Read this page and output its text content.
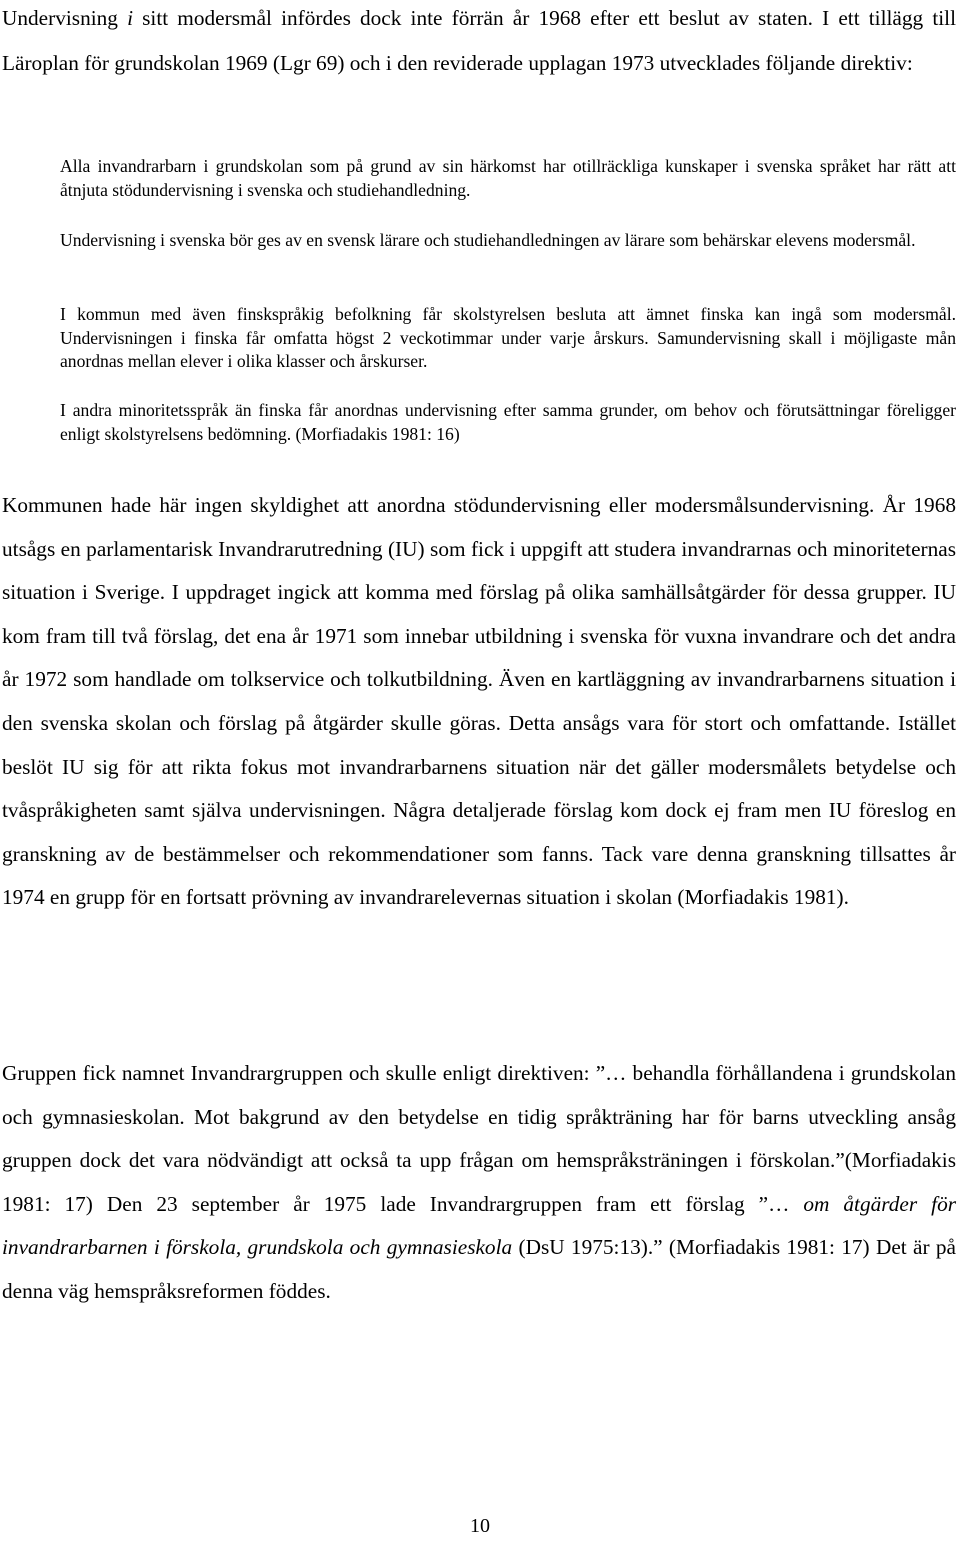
Undervisning i sitt modersmål infördes dock inte förrän år 1968 efter ett beslut av staten. I ett tillägg till Läroplan för grundskolan 1969 (Lgr 69) och i den reviderade upplagan 1973 utvecklades följande direktiv:

Alla invandrarbarn i grundskolan som på grund av sin härkomst har otillräckliga kunskaper i svenska språket har rätt att åtnjuta stödundervisning i svenska och studiehandledning.

Undervisning i svenska bör ges av en svensk lärare och studiehandledningen av lärare som behärskar elevens modersmål.

I kommun med även finskspråkig befolkning får skolstyrelsen besluta att ämnet finska kan ingå som modersmål. Undervisningen i finska får omfatta högst 2 veckotimmar under varje årskurs. Samundervisning skall i möjligaste mån anordnas mellan elever i olika klasser och årskurser.

I andra minoritetsspråk än finska får anordnas undervisning efter samma grunder, om behov och förutsättningar föreligger enligt skolstyrelsens bedömning. (Morfiadakis 1981: 16)

Kommunen hade här ingen skyldighet att anordna stödundervisning eller modersmålsundervisning. År 1968 utsågs en parlamentarisk Invandrarutredning (IU) som fick i uppgift att studera invandrarnas och minoriteternas situation i Sverige. I uppdraget ingick att komma med förslag på olika samhällsåtgärder för dessa grupper. IU kom fram till två förslag, det ena år 1971 som innebar utbildning i svenska för vuxna invandrare och det andra år 1972 som handlade om tolkservice och tolkutbildning. Även en kartläggning av invandrarbarnens situation i den svenska skolan och förslag på åtgärder skulle göras. Detta ansågs vara för stort och omfattande. Istället beslöt IU sig för att rikta fokus mot invandrarbarnens situation när det gäller modersmålets betydelse och tvåspråkigheten samt själva undervisningen. Några detaljerade förslag kom dock ej fram men IU föreslog en granskning av de bestämmelser och rekommendationer som fanns. Tack vare denna granskning tillsattes år 1974 en grupp för en fortsatt prövning av invandrarelevernas situation i skolan (Morfiadakis 1981).

Gruppen fick namnet Invandrargruppen och skulle enligt direktiven: ”… behandla förhållandena i grundskolan och gymnasieskolan. Mot bakgrund av den betydelse en tidig språkträning har för barns utveckling ansåg gruppen dock det vara nödvändigt att också ta upp frågan om hemspråksträningen i förskolan.”(Morfiadakis 1981: 17) Den 23 september år 1975 lade Invandrargruppen fram ett förslag ”… om åtgärder för invandrarbarnen i förskola, grundskola och gymnasieskola (DsU 1975:13).” (Morfiadakis 1981: 17) Det är på denna väg hemspråksreformen föddes.

10
